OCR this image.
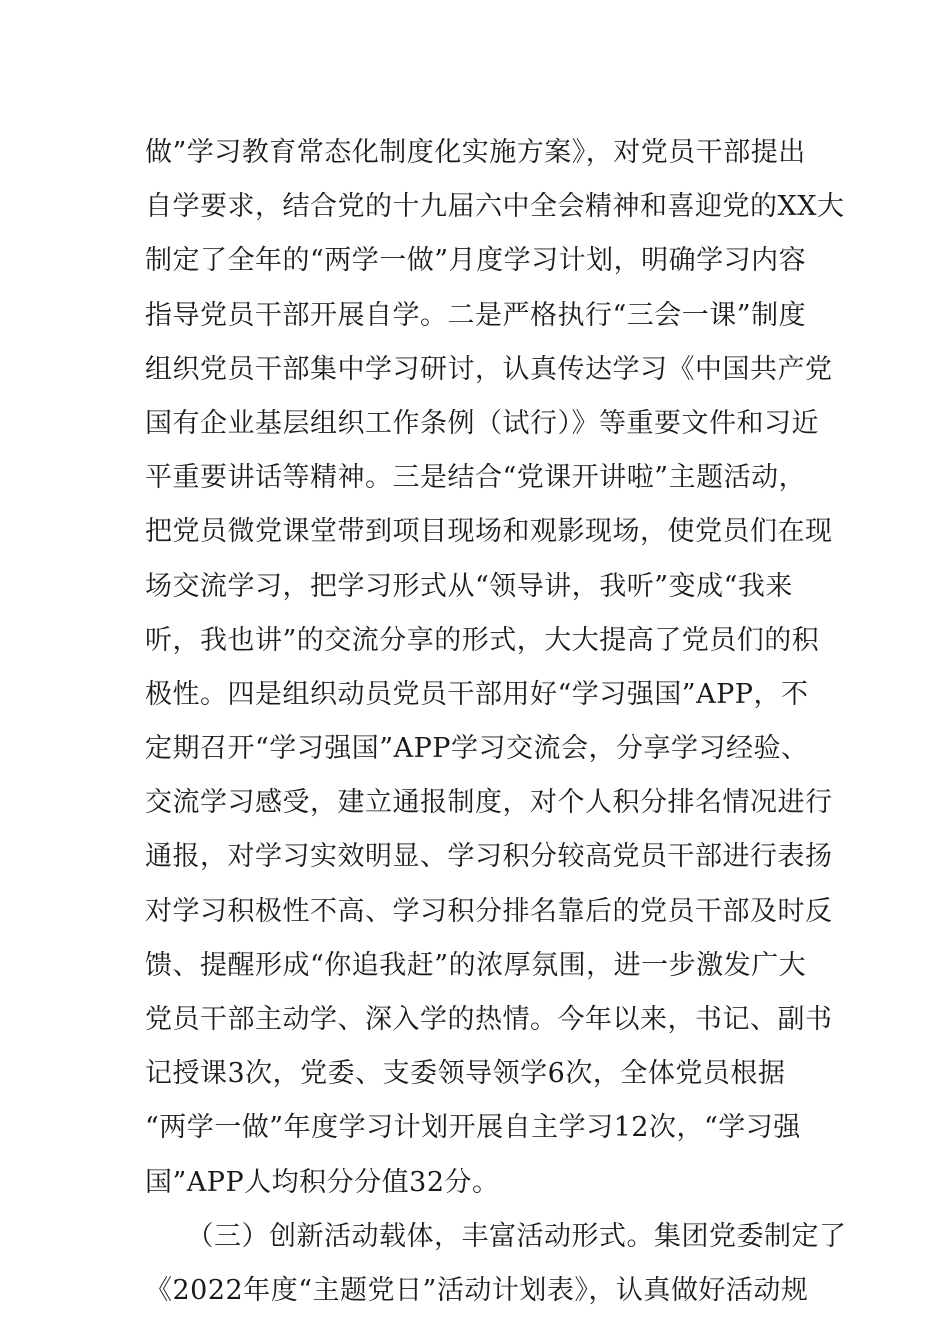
做”学习教育常态化制度化实施方案》，对党员干部提出
自学要求，结合党的十九届六中全会精神和喜迎党的XX大
制定了全年的“两学一做”月度学习计划，明确学习内容
指导党员干部开展自学。二是严格执行“三会一课”制度
组织党员干部集中学习研讨，认真传达学习《中国共产党
国有企业基层组织工作条例（试行）》等重要文件和习近
平重要讲话等精神。三是结合“党课开讲啦”主题活动，
把党员微党课堂带到项目现场和观影现场，使党员们在现
场交流学习，把学习形式从“领导讲，我听”变成“我来
听，我也讲”的交流分享的形式，大大提高了党员们的积
极性。四是组织动员党员干部用好“学习强国”APP，不
定期召开“学习强国”APP学习交流会，分享学习经验、
交流学习感受，建立通报制度，对个人积分排名情况进行
通报，对学习实效明显、学习积分较高党员干部进行表扬
对学习积极性不高、学习积分排名靠后的党员干部及时反
馈、提醒形成“你追我赶”的浓厚氛围，进一步激发广大
党员干部主动学、深入学的热情。今年以来，书记、副书
记授课3次，党委、支委领导领学6次，全体党员根据
“两学一做”年度学习计划开展自主学习12次，“学习强
国”APP人均积分分值32分。
　　（三）创新活动载体，丰富活动形式。集团党委制定了
《2022年度“主题党日”活动计划表》，认真做好活动规
